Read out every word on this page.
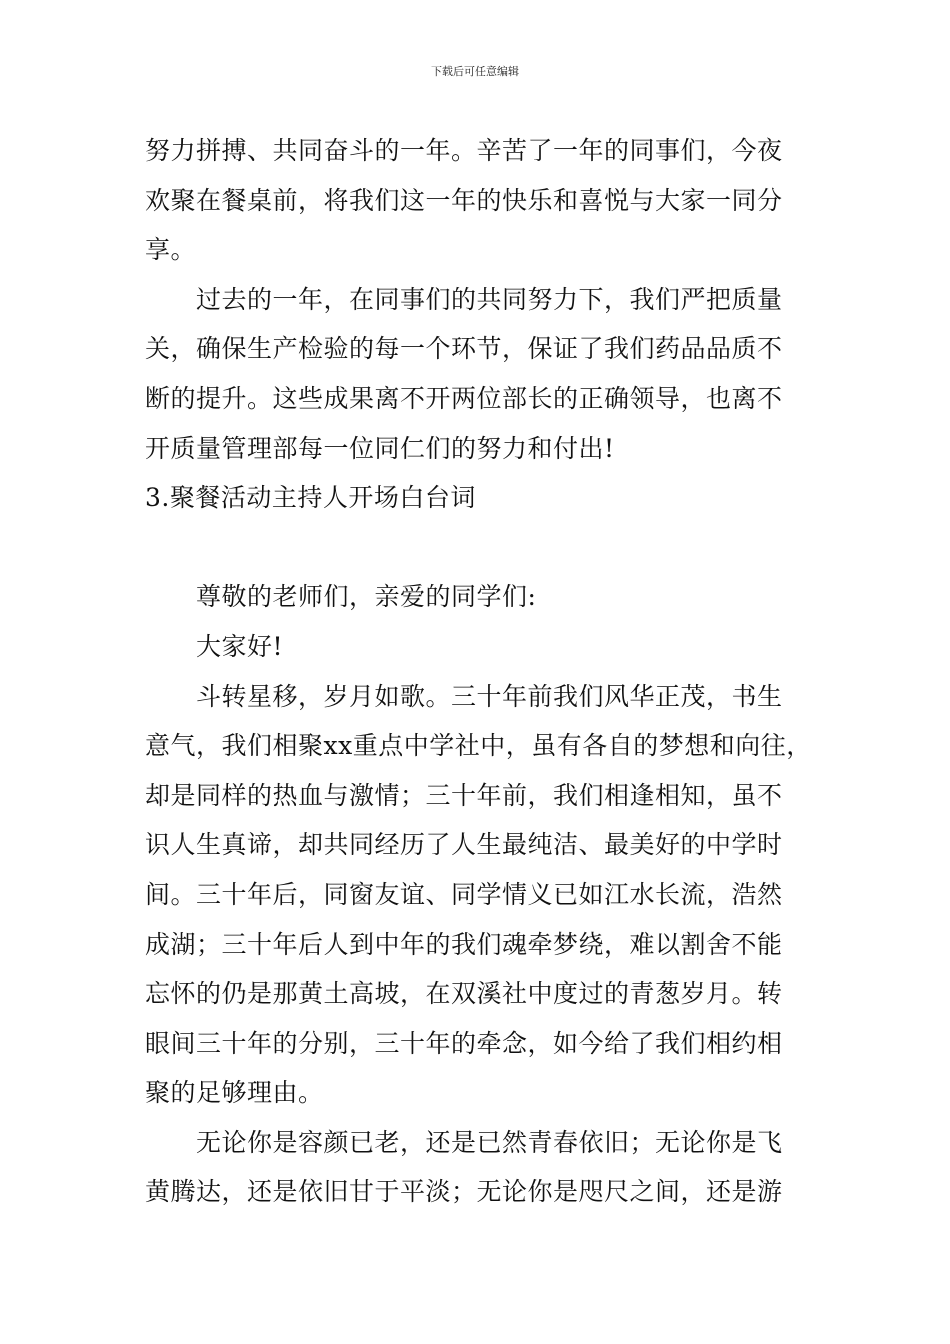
下载后可任意编辑
努力拼搏、共同奋斗的一年。辛苦了一年的同事们，今夜
欢聚在餐桌前，将我们这一年的快乐和喜悦与大家一同分
享。
过去的一年，在同事们的共同努力下，我们严把质量
关，确保生产检验的每一个环节，保证了我们药品品质不
断的提升。这些成果离不开两位部长的正确领导，也离不
开质量管理部每一位同仁们的努力和付出!
3.聚餐活动主持人开场白台词
尊敬的老师们，亲爱的同学们:
大家好!
斗转星移，岁月如歌。三十年前我们风华正茂，书生
意气，我们相聚xx重点中学社中，虽有各自的梦想和向往，
却是同样的热血与激情；三十年前，我们相逢相知，虽不
识人生真谛，却共同经历了人生最纯洁、最美好的中学时
间。三十年后，同窗友谊、同学情义已如江水长流，浩然
成湖；三十年后人到中年的我们魂牵梦绕，难以割舍不能
忘怀的仍是那黄土高坡，在双溪社中度过的青葱岁月。转
眼间三十年的分别，三十年的牵念，如今给了我们相约相
聚的足够理由。
无论你是容颜已老，还是已然青春依旧；无论你是飞
黄腾达，还是依旧甘于平淡；无论你是咫尺之间，还是游
